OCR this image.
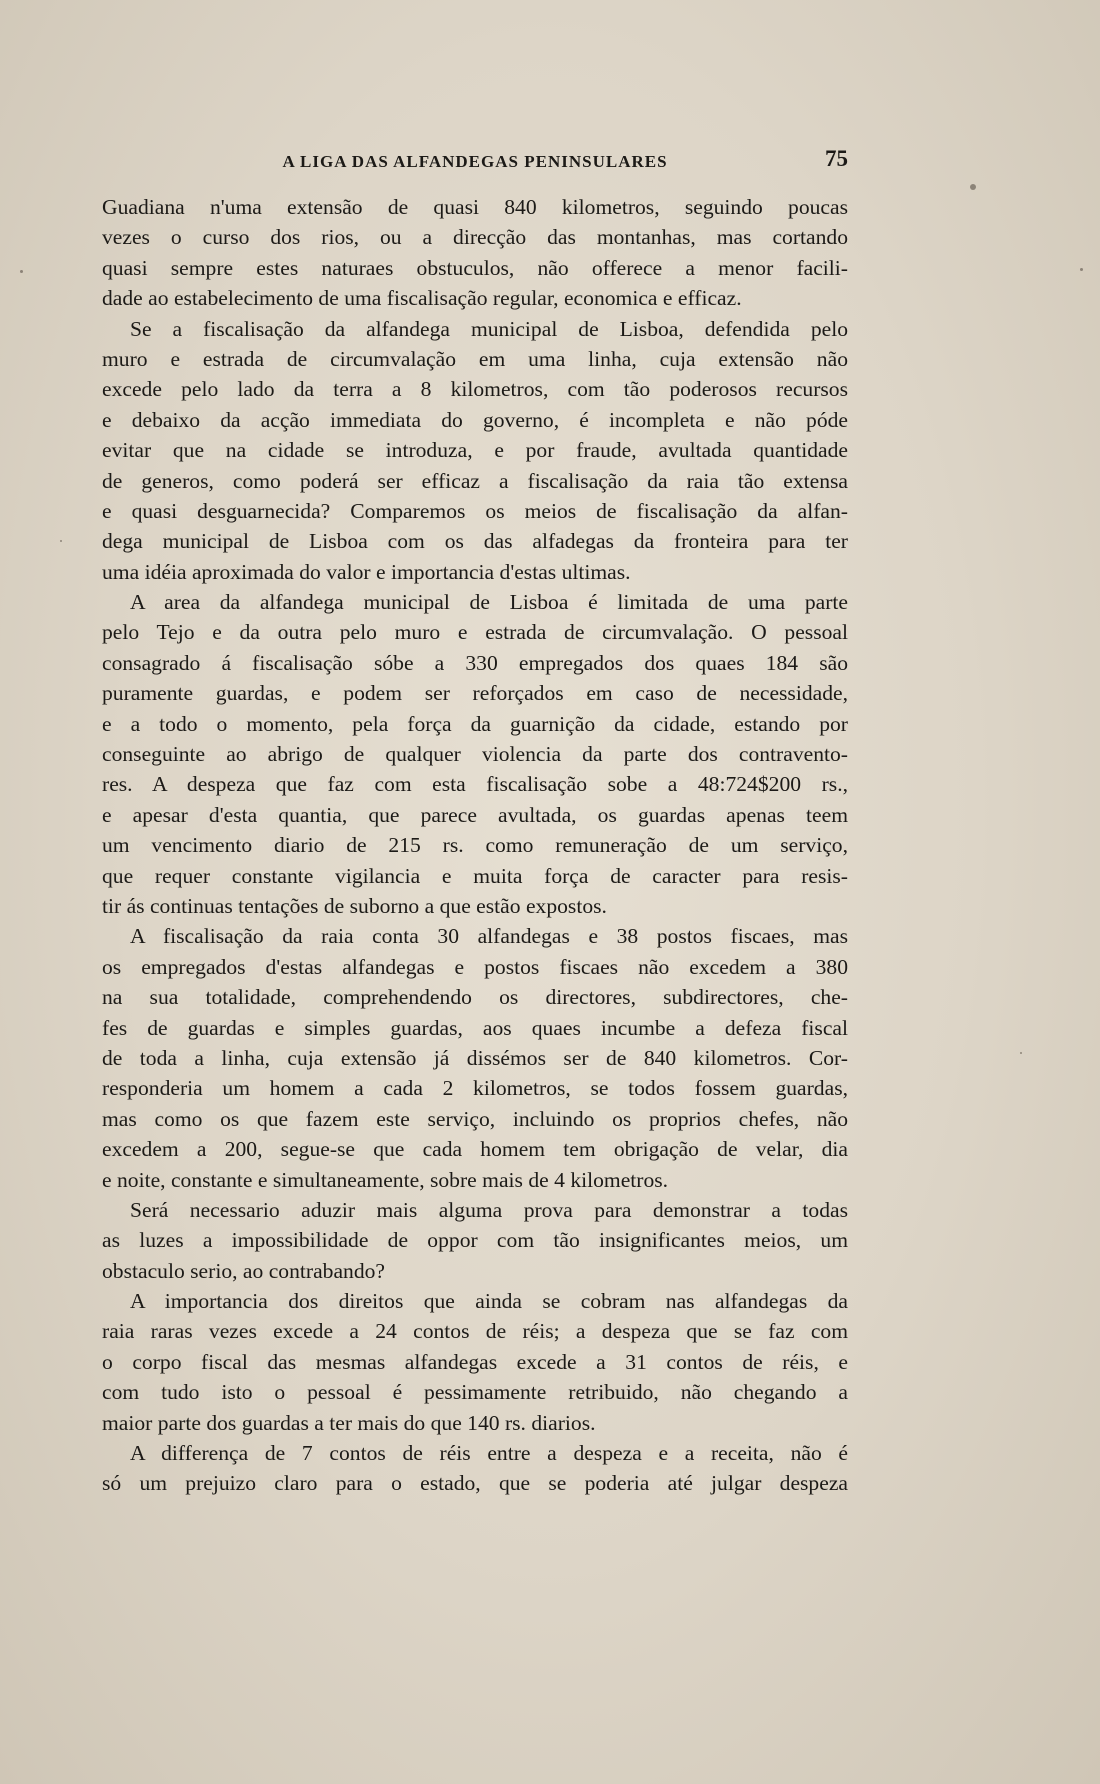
A LIGA DAS ALFANDEGAS PENINSULARES	75
Guadiana n'uma extensão de quasi 840 kilometros, seguindo poucas
vezes o curso dos rios, ou a direcção das montanhas, mas cortando
quasi sempre estes naturaes obstuculos, não offerece a menor facili-
dade ao estabelecimento de uma fiscalisação regular, economica e efficaz.
Se a fiscalisação da alfandega municipal de Lisboa, defendida pelo
muro e estrada de circumvalação em uma linha, cuja extensão não
excede pelo lado da terra a 8 kilometros, com tão poderosos recursos
e debaixo da acção immediata do governo, é incompleta e não póde
evitar que na cidade se introduza, e por fraude, avultada quantidade
de generos, como poderá ser efficaz a fiscalisação da raia tão extensa
e quasi desguarnecida? Comparemos os meios de fiscalisação da alfan-
dega municipal de Lisboa com os das alfadegas da fronteira para ter
uma idéia aproximada do valor e importancia d'estas ultimas.
A area da alfandega municipal de Lisboa é limitada de uma parte
pelo Tejo e da outra pelo muro e estrada de circumvalação. O pessoal
consagrado á fiscalisação sóbe a 330 empregados dos quaes 184 são
puramente guardas, e podem ser reforçados em caso de necessidade,
e a todo o momento, pela força da guarnição da cidade, estando por
conseguinte ao abrigo de qualquer violencia da parte dos contravento-
res. A despeza que faz com esta fiscalisação sobe a 48:724$200 rs.,
e apesar d'esta quantia, que parece avultada, os guardas apenas teem
um vencimento diario de 215 rs. como remuneração de um serviço,
que requer constante vigilancia e muita força de caracter para resis-
tir ás continuas tentações de suborno a que estão expostos.
A fiscalisação da raia conta 30 alfandegas e 38 postos fiscaes, mas
os empregados d'estas alfandegas e postos fiscaes não excedem a 380
na sua totalidade, comprehendendo os directores, subdirectores, che-
fes de guardas e simples guardas, aos quaes incumbe a defeza fiscal
de toda a linha, cuja extensão já dissémos ser de 840 kilometros. Cor-
responderia um homem a cada 2 kilometros, se todos fossem guardas,
mas como os que fazem este serviço, incluindo os proprios chefes, não
excedem a 200, segue-se que cada homem tem obrigação de velar, dia
e noite, constante e simultaneamente, sobre mais de 4 kilometros.
Será necessario aduzir mais alguma prova para demonstrar a todas
as luzes a impossibilidade de oppor com tão insignificantes meios, um
obstaculo serio, ao contrabando?
A importancia dos direitos que ainda se cobram nas alfandegas da
raia raras vezes excede a 24 contos de réis; a despeza que se faz com
o corpo fiscal das mesmas alfandegas excede a 31 contos de réis, e
com tudo isto o pessoal é pessimamente retribuido, não chegando a
maior parte dos guardas a ter mais do que 140 rs. diarios.
A differença de 7 contos de réis entre a despeza e a receita, não é
só um prejuizo claro para o estado, que se poderia até julgar despeza
